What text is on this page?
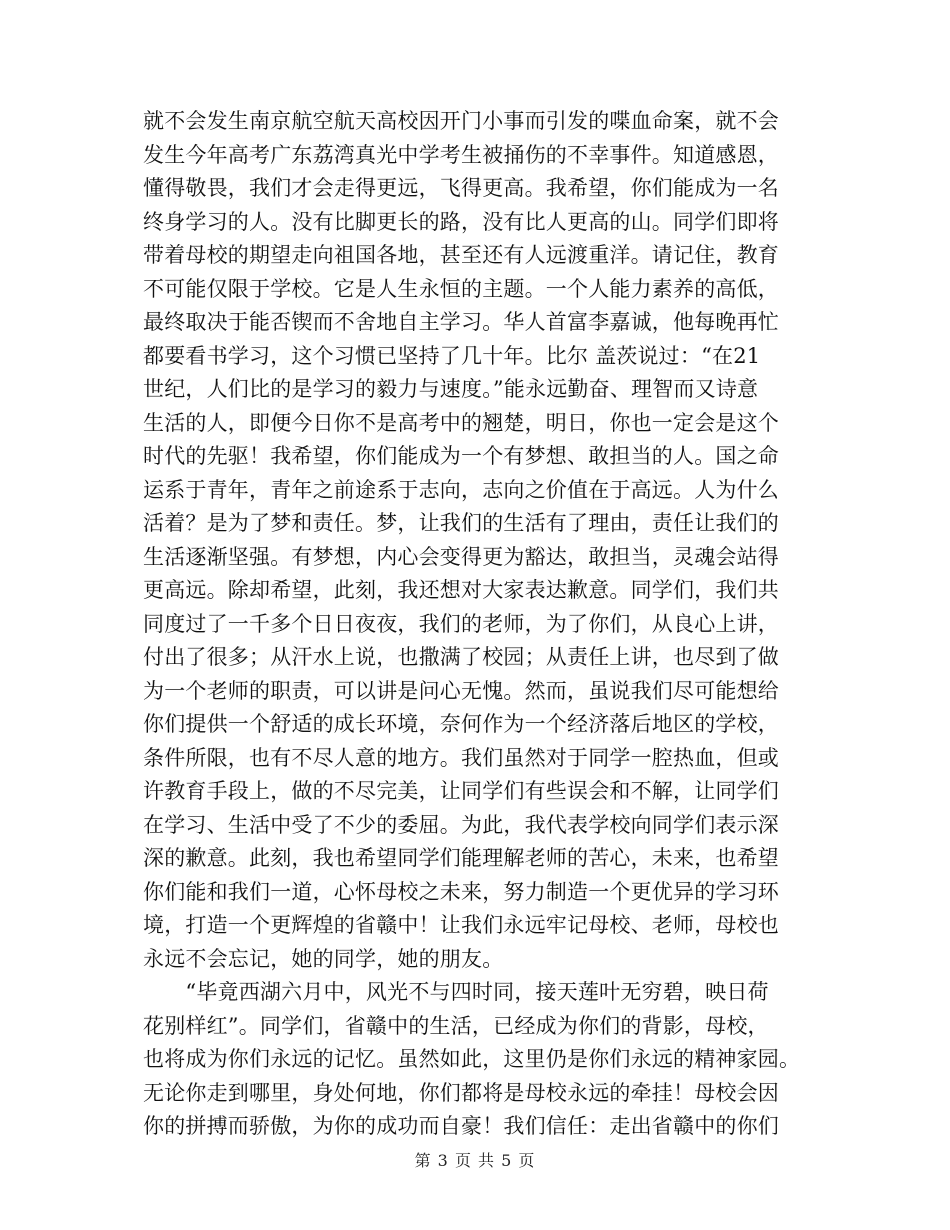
就不会发生南京航空航天高校因开门小事而引发的喋血命案，就不会
发生今年高考广东荔湾真光中学考生被捅伤的不幸事件。知道感恩，
懂得敬畏，我们才会走得更远，飞得更高。我希望，你们能成为一名
终身学习的人。没有比脚更长的路，没有比人更高的山。同学们即将
带着母校的期望走向祖国各地，甚至还有人远渡重洋。请记住，教育
不可能仅限于学校。它是人生永恒的主题。一个人能力素养的高低，
最终取决于能否锲而不舍地自主学习。华人首富李嘉诚，他每晚再忙
都要看书学习，这个习惯已坚持了几十年。比尔 盖茨说过：“在21
世纪，人们比的是学习的毅力与速度。”能永远勤奋、理智而又诗意
生活的人，即便今日你不是高考中的翘楚，明日，你也一定会是这个
时代的先驱！我希望，你们能成为一个有梦想、敢担当的人。国之命
运系于青年，青年之前途系于志向，志向之价值在于高远。人为什么
活着？是为了梦和责任。梦，让我们的生活有了理由，责任让我们的
生活逐渐坚强。有梦想，内心会变得更为豁达，敢担当，灵魂会站得
更高远。除却希望，此刻，我还想对大家表达歉意。同学们，我们共
同度过了一千多个日日夜夜，我们的老师，为了你们，从良心上讲，
付出了很多；从汗水上说，也撒满了校园；从责任上讲，也尽到了做
为一个老师的职责，可以讲是问心无愧。然而，虽说我们尽可能想给
你们提供一个舒适的成长环境，奈何作为一个经济落后地区的学校，
条件所限，也有不尽人意的地方。我们虽然对于同学一腔热血，但或
许教育手段上，做的不尽完美，让同学们有些误会和不解，让同学们
在学习、生活中受了不少的委屈。为此，我代表学校向同学们表示深
深的歉意。此刻，我也希望同学们能理解老师的苦心，未来，也希望
你们能和我们一道，心怀母校之未来，努力制造一个更优异的学习环
境，打造一个更辉煌的省赣中！让我们永远牢记母校、老师，母校也
永远不会忘记，她的同学，她的朋友。
　　“毕竟西湖六月中，风光不与四时同，接天莲叶无穷碧，映日荷
花别样红”。同学们，省赣中的生活，已经成为你们的背影，母校，
也将成为你们永远的记忆。虽然如此，这里仍是你们永远的精神家园。
无论你走到哪里，身处何地，你们都将是母校永远的牵挂！母校会因
你的拼搏而骄傲，为你的成功而自豪！我们信任：走出省赣中的你们
第 3 页 共 5 页
